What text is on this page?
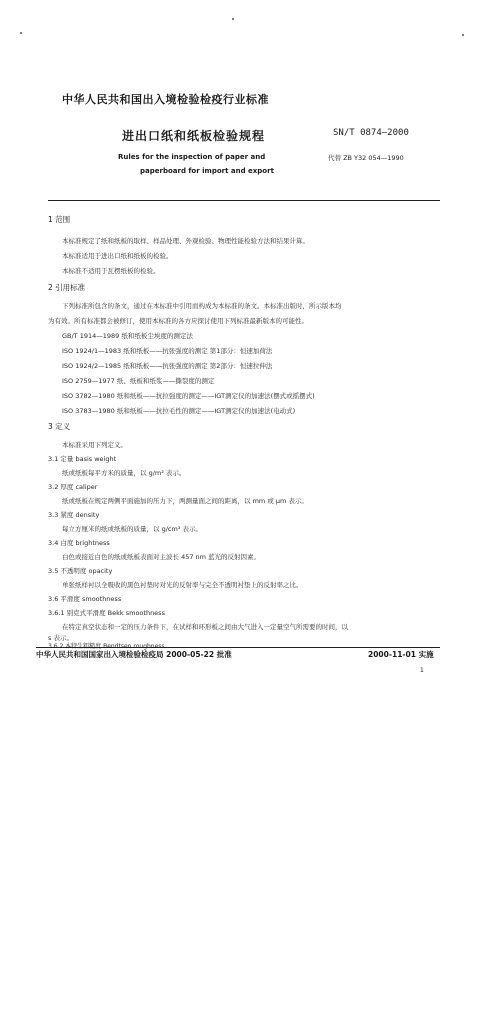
中华人民共和国出入境检验检疫行业标准
进出口纸和纸板检验规程	SN/T 0874—2000
Rules for the inspection of paper and
paperboard for import and export
代替 ZB Y32 054—1990
1 范围
本标准规定了纸和纸板的取样、样品处理、外观检验、物理性能检验方法和结果计算。
本标准适用于进出口纸和纸板的检验。
本标准不适用于瓦楞纸板的检验。
2 引用标准
下列标准所包含的条文，通过在本标准中引用而构成为本标准的条文。本标准出版时，所示版本均
为有效。所有标准都会被修订，使用本标准的各方应探讨使用下列标准最新版本的可能性。
GB/T 1914—1989 纸和纸板尘埃度的测定法
ISO 1924/1—1983 纸和纸板——抗张强度的测定 第1部分：恒速加荷法
ISO 1924/2—1985 纸和纸板——抗张强度的测定 第2部分：恒速拉伸法
ISO 2759—1977 纸、纸板和纸浆——撕裂度的测定
ISO 3782—1980 纸和纸板——抗拉强度的测定——IGT测定仪的加速法(摆式或摇摆式)
ISO 3783—1980 纸和纸板——抗拉毛性的测定——IGT测定仪的加速法(电动式)
3 定义
本标准采用下列定义。
3.1 定量 basis weight
纸或纸板每平方米的质量，以 g/m² 表示。
3.2 厚度 caliper
纸或纸板在规定两侧平面施加的压力下，两测量面之间的距离，以 mm 或 μm 表示。
3.3 紧度 density
每立方厘米的纸或纸板的质量，以 g/cm³ 表示。
3.4 白度 brightness
白色或接近白色的纸或纸板表面对主波长 457 nm 蓝光的反射因素。
3.5 不透明度 opacity
单张纸样衬以全吸收的黑色衬垫时对光的反射率与完全不透明衬垫上的反射率之比。
3.6 平滑度 smoothness
3.6.1 别克式平滑度 Bekk smoothness
在特定真空状态和一定的压力条件下，在试样和环形板之间由大气进入一定量空气所需要的时间，以
s 表示。
3.6.2 本特生粗糙度 Bendtsen roughness
中华人民共和国国家出入境检验检疫局 2000-05-22 批准	2000-11-01 实施
1
